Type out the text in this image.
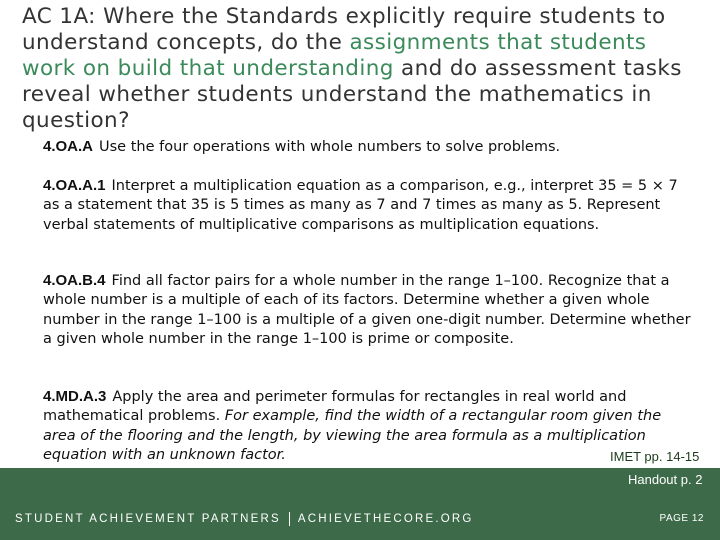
AC 1A: Where the Standards explicitly require students to understand concepts, do the assignments that students work on build that understanding and do assessment tasks reveal whether students understand the mathematics in question?

4.OA.A Use the four operations with whole numbers to solve problems.

4.OA.A.1 Interpret a multiplication equation as a comparison, e.g., interpret 35 = 5 × 7 as a statement that 35 is 5 times as many as 7 and 7 times as many as 5. Represent verbal statements of multiplicative comparisons as multiplication equations.

4.OA.B.4 Find all factor pairs for a whole number in the range 1–100. Recognize that a whole number is a multiple of each of its factors. Determine whether a given whole number in the range 1–100 is a multiple of a given one-digit number. Determine whether a given whole number in the range 1–100 is prime or composite.

4.MD.A.3 Apply the area and perimeter formulas for rectangles in real world and mathematical problems. For example, find the width of a rectangular room given the area of the flooring and the length, by viewing the area formula as a multiplication equation with an unknown factor.	IMET pp. 14-15
Handout p. 2
STUDENT ACHIEVEMENT PARTNERS ACHIEVETHECORE.ORG	PAGE 12
